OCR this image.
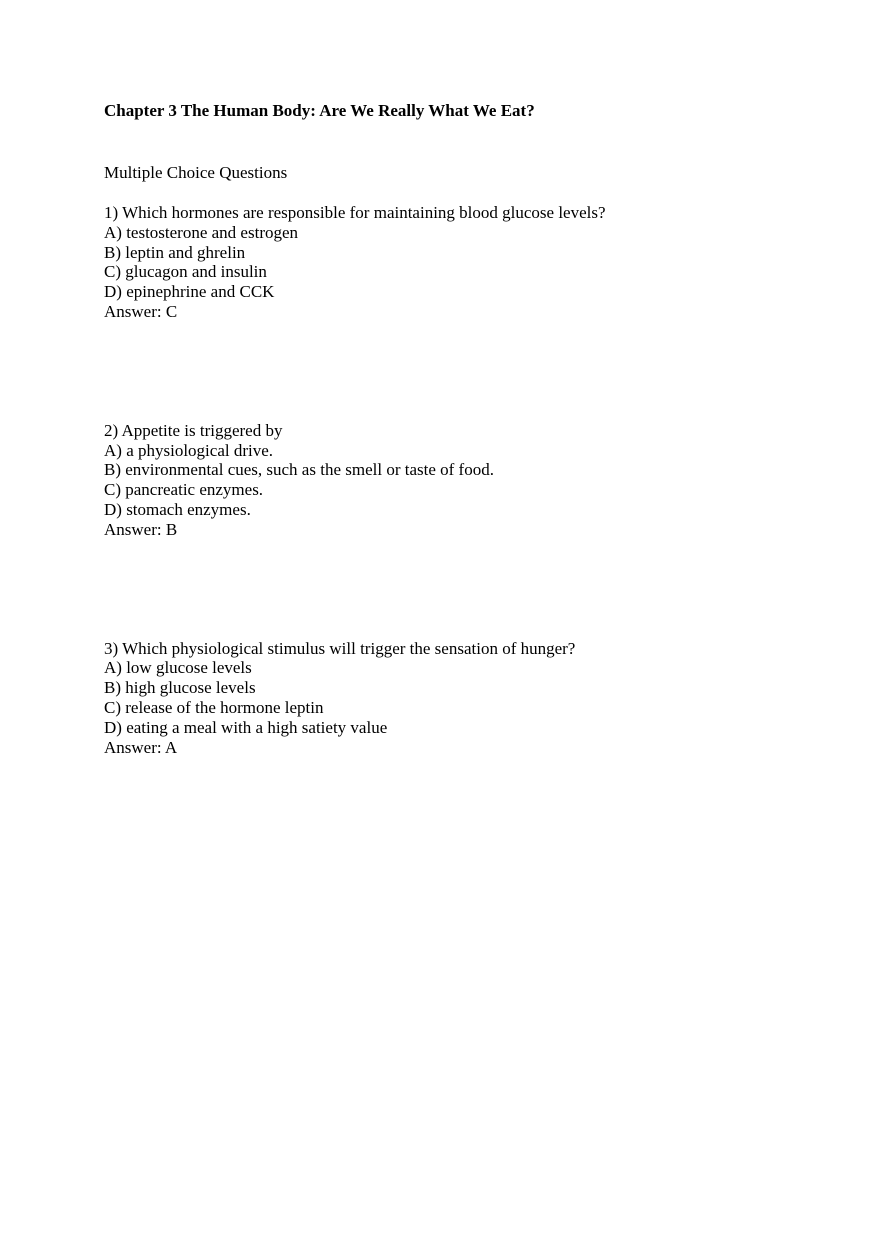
Chapter 3 The Human Body: Are We Really What We Eat?

Multiple Choice Questions

1) Which hormones are responsible for maintaining blood glucose levels?
A) testosterone and estrogen
B) leptin and ghrelin
C) glucagon and insulin
D) epinephrine and CCK
Answer: C
2) Appetite is triggered by
A) a physiological drive.
B) environmental cues, such as the smell or taste of food.
C) pancreatic enzymes.
D) stomach enzymes.
Answer: B
3) Which physiological stimulus will trigger the sensation of hunger?
A) low glucose levels
B) high glucose levels
C) release of the hormone leptin
D) eating a meal with a high satiety value
Answer: A
